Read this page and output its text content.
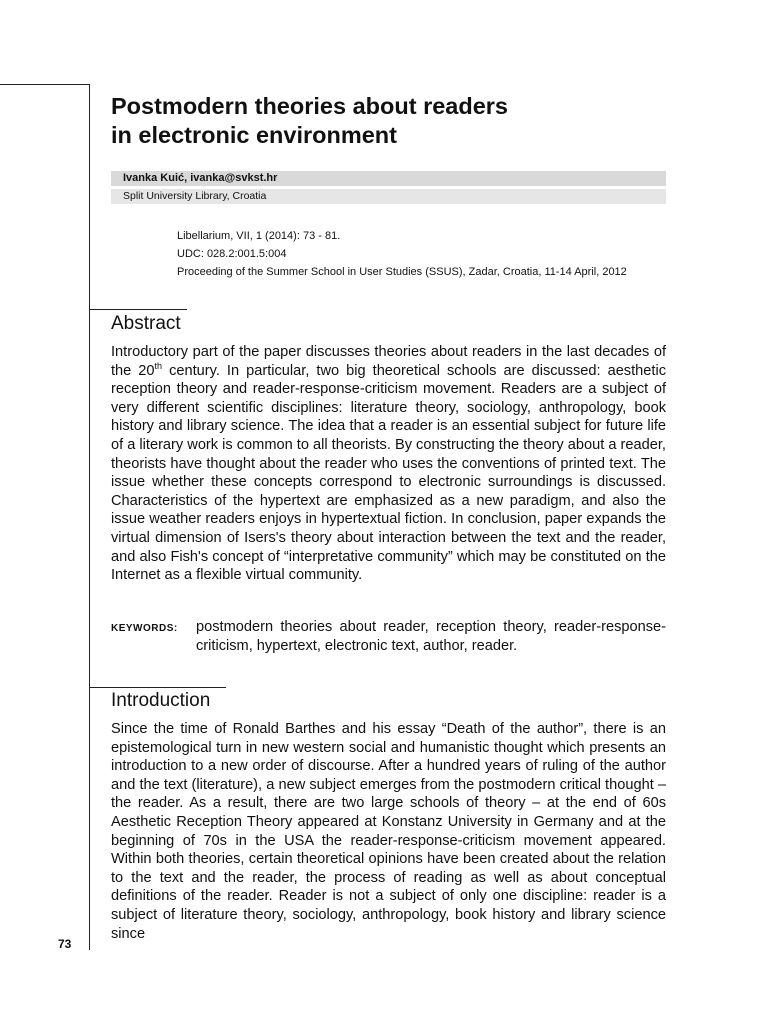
Postmodern theories about readers
in electronic environment
Ivanka Kuić, ivanka@svkst.hr
Split University Library, Croatia
Libellarium, VII, 1 (2014): 73 - 81.
UDC: 028.2:001.5:004
Proceeding of the Summer School in User Studies (SSUS), Zadar, Croatia, 11-14 April, 2012
Abstract

Introductory part of the paper discusses theories about readers in the last decades of the 20th century. In particular, two big theoretical schools are discussed: aesthetic reception theory and reader-response-criticism movement. Readers are a subject of very different scientific disciplines: literature theory, sociology, anthropology, book history and library science. The idea that a reader is an essential subject for future life of a literary work is common to all theorists. By constructing the theory about a reader, theorists have thought about the reader who uses the conventions of printed text. The issue whether these concepts correspond to electronic surroundings is discussed. Characteristics of the hypertext are emphasized as a new paradigm, and also the issue weather readers enjoys in hypertextual fiction. In conclusion, paper expands the virtual dimension of Isers's theory about interaction between the text and the reader, and also Fish's concept of “interpretative community” which may be constituted on the Internet as a flexible virtual community.

KEYWORDS: postmodern theories about reader, reception theory, reader-response-criticism, hypertext, electronic text, author, reader.
Introduction

Since the time of Ronald Barthes and his essay “Death of the author”, there is an epistemological turn in new western social and humanistic thought which presents an introduction to a new order of discourse. After a hundred years of ruling of the author and the text (literature), a new subject emerges from the postmodern critical thought – the reader. As a result, there are two large schools of theory – at the end of 60s Aesthetic Reception Theory appeared at Konstanz University in Germany and at the beginning of 70s in the USA the reader-response-criticism movement appeared. Within both theories, certain theoretical opinions have been created about the relation to the text and the reader, the process of reading as well as about conceptual definitions of the reader. Reader is not a subject of only one discipline: reader is a subject of literature theory, sociology, anthropology, book history and library science since

73
